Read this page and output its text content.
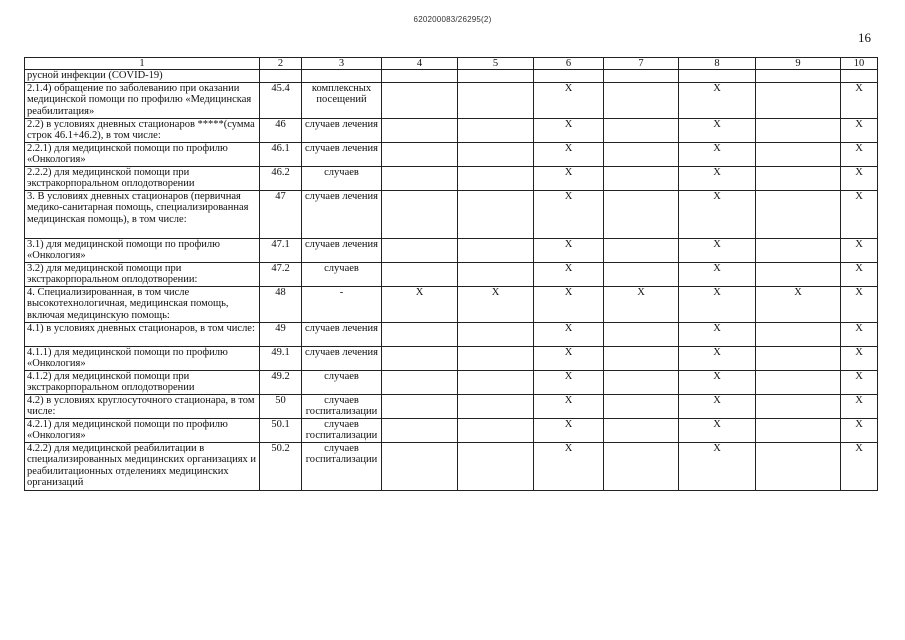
620200083/26295(2)
16
1	2	3	4	5	6	7	8	9	10
русной инфекции (COVID-19)									
2.1.4) обращение по заболеванию при оказании медицинской помощи по профилю «Медицинская реабилитация»	45.4	комплексных посещений			X		X		X
2.2) в условиях дневных стационаров *****(сумма строк 46.1+46.2), в том числе:	46	случаев лечения			X		X		X
2.2.1) для медицинской помощи по профилю «Онкология»	46.1	случаев лечения			X		X		X
2.2.2) для медицинской помощи при экстракорпоральном оплодотворении	46.2	случаев			X		X		X
3. В условиях дневных стационаров (первичная медико-санитарная помощь, специализированная медицинская помощь), в том числе:	47	случаев лечения			X		X		X
3.1) для медицинской помощи по профилю «Онкология»	47.1	случаев лечения			X		X		X
3.2) для медицинской помощи при экстракорпоральном оплодотворении:	47.2	случаев			X		X		X
4. Специализированная, в том числе высокотехнологичная, медицинская помощь, включая медицинскую помощь:	48	-	X	X	X	X	X	X	X
4.1) в условиях дневных стационаров, в том числе:	49	случаев лечения			X		X		X
4.1.1) для медицинской помощи по профилю «Онкология»	49.1	случаев лечения			X		X		X
4.1.2) для медицинской помощи при экстракорпоральном оплодотворении	49.2	случаев			X		X		X
4.2) в условиях круглосуточного стационара, в том числе:	50	случаев госпитализации			X		X		X
4.2.1) для медицинской помощи по профилю «Онкология»	50.1	случаев госпитализации			X		X		X
4.2.2) для медицинской реабилитации в специализированных медицинских организациях и реабилитационных отделениях медицинских организаций	50.2	случаев госпитализации			X		X		X
